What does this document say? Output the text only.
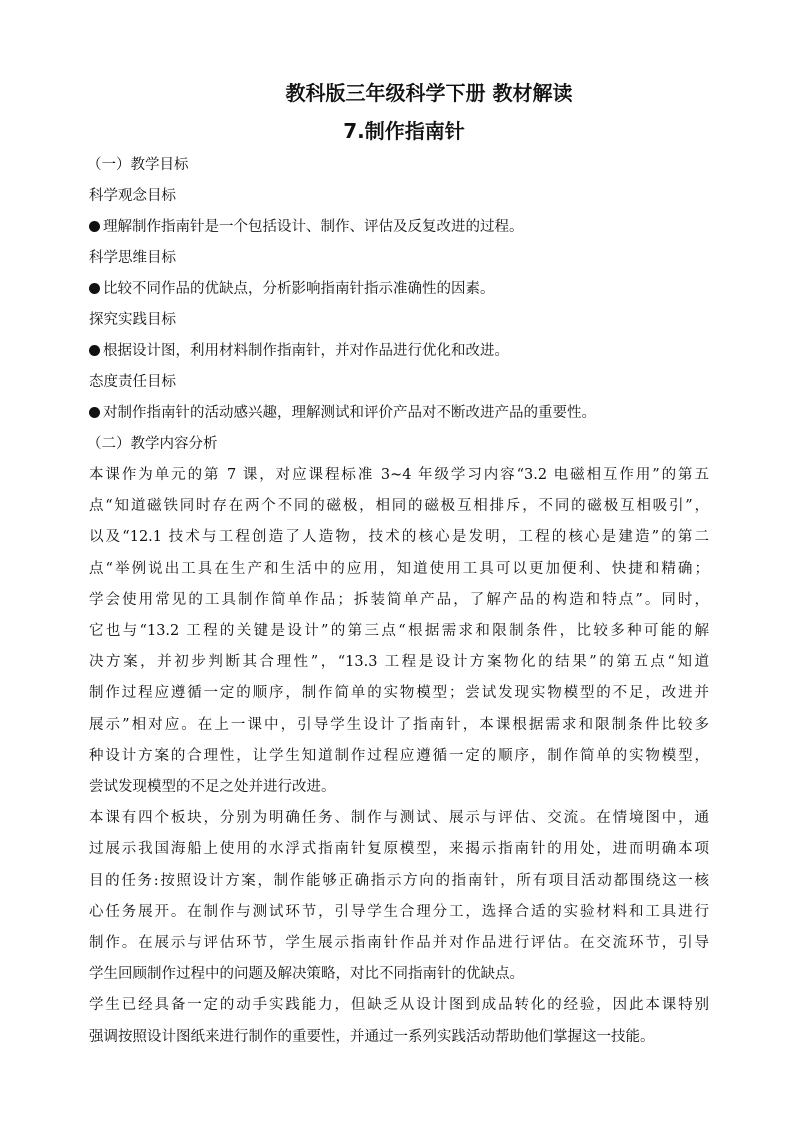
教科版三年级科学下册 教材解读
7.制作指南针

（一）教学目标

科学观念目标

理解制作指南针是一个包括设计、制作、评估及反复改进的过程。

科学思维目标

比较不同作品的优缺点，分析影响指南针指示准确性的因素。

探究实践目标

根据设计图，利用材料制作指南针，并对作品进行优化和改进。

态度责任目标

对制作指南针的活动感兴趣，理解测试和评价产品对不断改进产品的重要性。

（二）教学内容分析

本课作为单元的第 7 课，对应课程标准 3~4 年级学习内容“3.2 电磁相互作用”的第五
点“知道磁铁同时存在两个不同的磁极，相同的磁极互相排斥，不同的磁极互相吸引”，
以及“12.1 技术与工程创造了人造物，技术的核心是发明，工程的核心是建造”的第二
点“举例说出工具在生产和生活中的应用，知道使用工具可以更加便利、快捷和精确；
学会使用常见的工具制作简单作品；拆装简单产品，了解产品的构造和特点”。同时，
它也与“13.2 工程的关键是设计”的第三点“根据需求和限制条件，比较多种可能的解
决方案，并初步判断其合理性”，“13.3 工程是设计方案物化的结果”的第五点“知道
制作过程应遵循一定的顺序，制作简单的实物模型；尝试发现实物模型的不足，改进并
展示”相对应。在上一课中，引导学生设计了指南针，本课根据需求和限制条件比较多
种设计方案的合理性，让学生知道制作过程应遵循一定的顺序，制作简单的实物模型，
尝试发现模型的不足之处并进行改进。
本课有四个板块，分别为明确任务、制作与测试、展示与评估、交流。在情境图中，通
过展示我国海船上使用的水浮式指南针复原模型，来揭示指南针的用处，进而明确本项
目的任务:按照设计方案，制作能够正确指示方向的指南针，所有项目活动都围绕这一核
心任务展开。在制作与测试环节，引导学生合理分工，选择合适的实验材料和工具进行
制作。在展示与评估环节，学生展示指南针作品并对作品进行评估。在交流环节，引导
学生回顾制作过程中的问题及解决策略，对比不同指南针的优缺点。
学生已经具备一定的动手实践能力，但缺乏从设计图到成品转化的经验，因此本课特别
强调按照设计图纸来进行制作的重要性，并通过一系列实践活动帮助他们掌握这一技能。
